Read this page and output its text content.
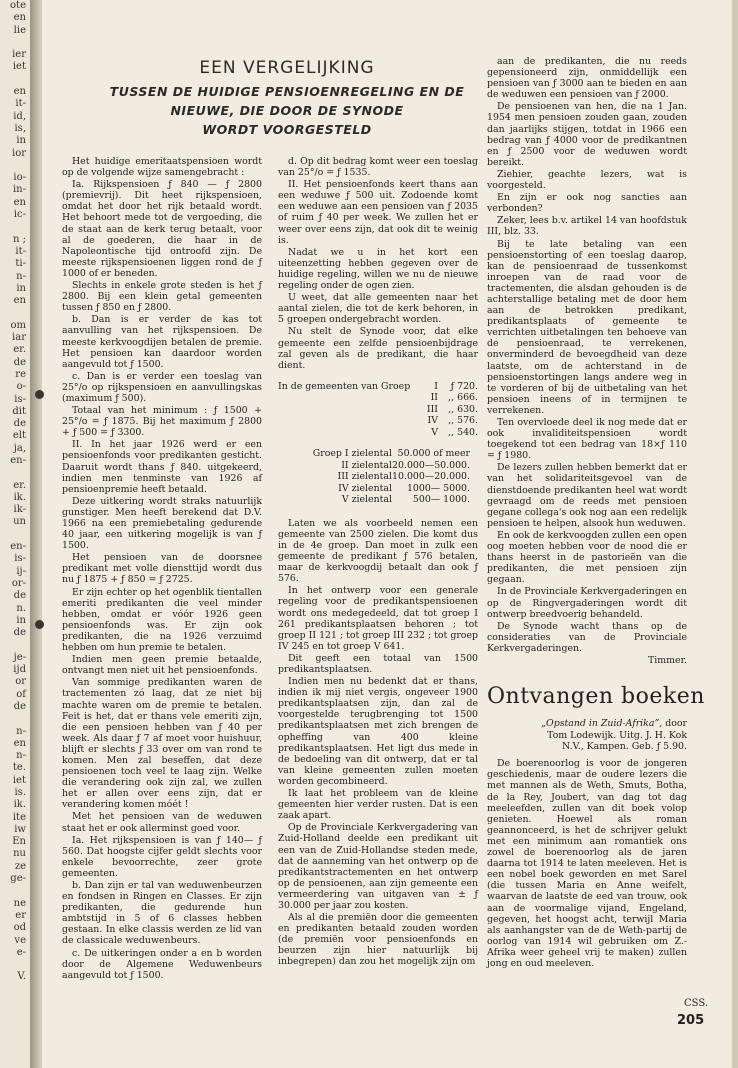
ote
en
lie

ier
iet

en
it-
id,
is,
in
ior

io-
in-
en
ic-

n ;
it-
ti-
n-
in
en

om
iar
er.
de
re
o-
is-
dit
de
elt
ja,
en-

er.
ik.
ik-
un

en-
is-
ij-
or-
de
n.
in
de

je-
ijd
or
of
de

n-
en
n-
te.
iet
is.
ik.
ite
iw
En
nu
ze
ge-

ne
er
od
ve
e-

V.
EEN VERGELIJKING
TUSSEN DE HUIDIGE PENSIOENREGELING EN DE
NIEUWE, DIE DOOR DE SYNODE
WORDT VOORGESTELD

Het huidige emeritaatspensioen wordt op de volgende wijze samengebracht :

Ia. Rijkspensioen ƒ 840 — ƒ 2800 (premievrij). Dit heet rijkspensioen, omdat het door het rijk betaald wordt. Het behoort mede tot de vergoeding, die de staat aan de kerk terug betaalt, voor al de goederen, die haar in de Napoleontische tijd ontroofd zijn. De meeste rijkspensioenen liggen rond de ƒ 1000 of er beneden.

Slechts in enkele grote steden is het ƒ 2800. Bij een klein getal gemeenten tussen ƒ 850 en ƒ 2800.

b. Dan is er verder de kas tot aanvulling van het rijkspensioen. De meeste kerkvoogdijen betalen de premie. Het pensioen kan daardoor worden aangevuld tot ƒ 1500.

c. Dan is er verder een toeslag van 25°/o op rijkspensioen en aanvullingskas (maximum ƒ 500).

Totaal van het minimum : ƒ 1500 + 25°/o = ƒ 1875. Bij het maximum ƒ 2800 + ƒ 500 = ƒ 3300.

II. In het jaar 1926 werd er een pensioenfonds voor predikanten gesticht. Daaruit wordt thans ƒ 840. uitgekeerd, indien men tenminste van 1926 af pensioenpremie heeft betaald.

Deze uitkering wordt straks natuurlijk gunstiger. Men heeft berekend dat D.V. 1966 na een premiebetaling gedurende 40 jaar, een uitkering mogelijk is van ƒ 1500.

Het pensioen van de doorsnee predikant met volle diensttijd wordt dus nu ƒ 1875 + ƒ 850 = ƒ 2725.

Er zijn echter op het ogenblik tientallen emeriti predikanten die veel minder hebben, omdat er vóór 1926 geen pensioenfonds was. Er zijn ook predikanten, die na 1926 verzuimd hebben om hun premie te betalen.

Indien men geen premie betaalde, ontvangt men niet uit het pensioenfonds.

Van sommige predikanten waren de tractementen zó laag, dat ze niet bij machte waren om de premie te betalen. Feit is het, dat er thans vele emeriti zijn, die een pensioen hebben van ƒ 40 per week. Als daar ƒ 7 af moet voor huishuur, blijft er slechts ƒ 33 over om van rond te komen. Men zal beseffen, dat deze pensioenen toch veel te laag zijn. Welke die verandering ook zijn zal, we zullen het er allen over eens zijn, dat er verandering komen móét !

Met het pensioen van de weduwen staat het er ook allerminst goed voor.

Ia. Het rijkspensioen is van ƒ 140— ƒ 560. Dat hoogste cijfer geldt slechts voor enkele bevoorrechte, zeer grote gemeenten.

b. Dan zijn er tal van weduwenbeurzen en fondsen in Ringen en Classes. Er zijn predikanten, die gedurende hun ambtstijd in 5 of 6 classes hebben gestaan. In elke classis werden ze lid van de classicale weduwenbeurs.

c. De uitkeringen onder a en b worden door de Algemene Weduwenbeurs aangevuld tot ƒ 1500.

d. Op dit bedrag komt weer een toeslag van 25°/o = ƒ 1535.

II. Het pensioenfonds keert thans aan een weduwe ƒ 500 uit. Zodoende komt een weduwe aan een pensioen van ƒ 2035 of ruim ƒ 40 per week. We zullen het er weer over eens zijn, dat ook dit te weinig is.

Nadat we u in het kort een uiteenzetting hebben gegeven over de huidige regeling, willen we nu de nieuwe regeling onder de ogen zien.

U weet, dat alle gemeenten naar het aantal zielen, die tot de kerk behoren, in 5 groepen ondergebracht worden.

Nu stelt de Synode voor, dat elke gemeente een zelfde pensioenbijdrage zal geven als de predikant, die haar dient.

In de gemeenten van Groep	I	ƒ 720.
II	,, 666.
III	,, 630.
IV	,, 576.
V	,, 540.
Groep I zielental 50.000 of meer
II zielental 20.000—50.000.
III zielental 10.000—20.000.
IV zielental	1000— 5000.
V zielental	500— 1000.

Laten we als voorbeeld nemen een gemeente van 2500 zielen. Die komt dus in de 4e groep. Dan moet in zulk een gemeente de predikant ƒ 576 betalen, maar de kerkvoogdij betaalt dan ook ƒ 576.

In het ontwerp voor een generale regeling voor de predikantspensioenen wordt ons medegedeeld, dat tot groep I 261 predikantsplaatsen behoren ; tot groep II 121 ; tot groep III 232 ; tot groep IV 245 en tot groep V 641.

Dit geeft een totaal van 1500 predikantsplaatsen.

Indien men nu bedenkt dat er thans, indien ik mij niet vergis, ongeveer 1900 predikantsplaatsen zijn, dan zal de voorgestelde terugbrenging tot 1500 predikantsplaatsen met zich brengen de opheffing van 400 kleine predikantsplaatsen. Het ligt dus mede in de bedoeling van dit ontwerp, dat er tal van kleine gemeenten zullen moeten worden gecombineerd.

Ik laat het probleem van de kleine gemeenten hier verder rusten. Dat is een zaak apart.

Op de Provinciale Kerkvergadering van Zuid-Holland deelde een predikant uit een van de Zuid-Hollandse steden mede, dat de aanneming van het ontwerp op de predikantstractementen en het ontwerp op de pensioenen, aan zijn gemeente een vermeerdering van uitgaven van ± ƒ 30.000 per jaar zou kosten.

Als al die premiën door die gemeenten en predikanten betaald zouden worden (de premiën voor pensioenfonds en beurzen zijn hier natuurlijk bij inbegrepen) dan zou het mogelijk zijn om

aan de predikanten, die nu reeds gepensioneerd zijn, onmiddellijk een pensioen van ƒ 3000 aan te bieden en aan de weduwen een pensioen van ƒ 2000.

De pensioenen van hen, die na 1 Jan. 1954 men pensioen zouden gaan, zouden dan jaarlijks stijgen, totdat in 1966 een bedrag van ƒ 4000 voor de predikantnen en ƒ 2500 voor de weduwen wordt bereikt.

Ziehier, geachte lezers, wat is voorgesteld.

En zijn er ook nog sancties aan verbonden?

Zeker, lees b.v. artikel 14 van hoofdstuk III, blz. 33.

Bij te late betaling van een pensioenstorting of een toeslag daarop, kan de pensioenraad de tussenkomst inroepen van de raad voor de tractementen, die alsdan gehouden is de achterstallige betaling met de door hem aan de betrokken predikant, predikantsplaats of gemeente te verrichten uitbetalingen ten behoeve van de pensioenraad, te verrekenen, onverminderd de bevoegdheid van deze laatste, om de achterstand in de pensioenstortingen langs andere weg in te vorderen of bij de uitbetaling van het pensioen ineens of in termijnen te verrekenen.

Ten overvloede deel ik nog mede dat er ook invaliditeitspensioen wordt toegekend tot een bedrag van 18×ƒ 110 = ƒ 1980.

De lezers zullen hebben bemerkt dat er van het solidariteitsgevoel van de dienstdoende predikanten heel wat wordt gevraagd om de reeds met pensioen gegane collega's ook nog aan een redelijk pensioen te helpen, alsook hun weduwen.

En ook de kerkvoogden zullen een open oog moeten hebben voor de nood die er thans heerst in de pastorieën van die predikanten, die met pensioen zijn gegaan.

In de Provinciale Kerkvergaderingen en op de Ringvergaderingen wordt dit ontwerp breedvoerig behandeld.

De Synode wacht thans op de consideraties van de Provinciale Kerkvergaderingen.

Timmer.
Ontvangen boeken
„Opstand in Zuid-Afrika”, door
Tom Lodewijk. Uitg. J. H. Kok
N.V., Kampen. Geb. ƒ 5.90.

De boerenoorlog is voor de jongeren geschiedenis, maar de oudere lezers die met mannen als de Weth, Smuts, Botha, de la Rey, Joubert, van dag tot dag meeleefden, zullen van dit boek volop genieten. Hoewel als roman geannonceerd, is het de schrijver gelukt met een minimum aan romantiek ons zowel de boerenoorlog als de jaren daarna tot 1914 te laten meeleven. Het is een nobel boek geworden en met Sarel (die tussen Maria en Anne weifelt, waarvan de laatste de eed van trouw, ook aan de voormalige vijand, Engeland, gegeven, het hoogst acht, terwijl Maria als aanhangster van de de Weth-partij de oorlog van 1914 wil gebruiken om Z.-Afrika weer geheel vrij te maken) zullen jong en oud meeleven.

CSS.
205
